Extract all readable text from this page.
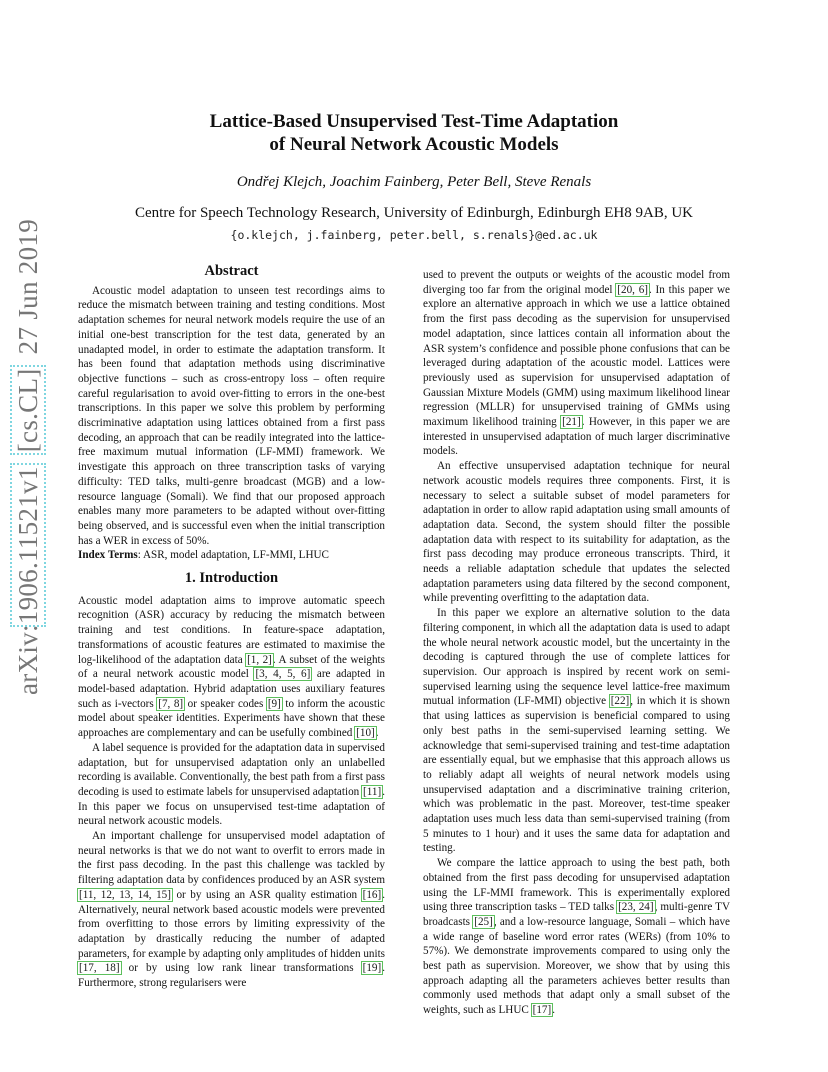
arXiv:1906.11521v1  [cs.CL]  27 Jun 2019
Lattice-Based Unsupervised Test-Time Adaptation
of Neural Network Acoustic Models
Ondřej Klejch, Joachim Fainberg, Peter Bell, Steve Renals
Centre for Speech Technology Research, University of Edinburgh, Edinburgh EH8 9AB, UK
{o.klejch, j.fainberg, peter.bell, s.renals}@ed.ac.uk
Abstract

Acoustic model adaptation to unseen test recordings aims to reduce the mismatch between training and testing conditions. Most adaptation schemes for neural network models require the use of an initial one-best transcription for the test data, generated by an unadapted model, in order to estimate the adaptation transform. It has been found that adaptation methods using discriminative objective functions – such as cross-entropy loss – often require careful regularisation to avoid over-fitting to errors in the one-best transcriptions. In this paper we solve this problem by performing discriminative adaptation using lattices obtained from a first pass decoding, an approach that can be readily integrated into the lattice-free maximum mutual information (LF-MMI) framework. We investigate this approach on three transcription tasks of varying difficulty: TED talks, multi-genre broadcast (MGB) and a low-resource language (Somali). We find that our proposed approach enables many more parameters to be adapted without over-fitting being observed, and is successful even when the initial transcription has a WER in excess of 50%.

Index Terms: ASR, model adaptation, LF-MMI, LHUC

1. Introduction

Acoustic model adaptation aims to improve automatic speech recognition (ASR) accuracy by reducing the mismatch between training and test conditions. In feature-space adaptation, transformations of acoustic features are estimated to maximise the log-likelihood of the adaptation data [1, 2]. A subset of the weights of a neural network acoustic model [3, 4, 5, 6] are adapted in model-based adaptation. Hybrid adaptation uses auxiliary features such as i-vectors [7, 8] or speaker codes [9] to inform the acoustic model about speaker identities. Experiments have shown that these approaches are complementary and can be usefully combined [10].

A label sequence is provided for the adaptation data in supervised adaptation, but for unsupervised adaptation only an unlabelled recording is available. Conventionally, the best path from a first pass decoding is used to estimate labels for unsupervised adaptation [11]. In this paper we focus on unsupervised test-time adaptation of neural network acoustic models.

An important challenge for unsupervised model adaptation of neural networks is that we do not want to overfit to errors made in the first pass decoding. In the past this challenge was tackled by filtering adaptation data by confidences produced by an ASR system [11, 12, 13, 14, 15] or by using an ASR quality estimation [16]. Alternatively, neural network based acoustic models were prevented from overfitting to those errors by limiting expressivity of the adaptation by drastically reducing the number of adapted parameters, for example by adapting only amplitudes of hidden units [17, 18] or by using low rank linear transformations [19]. Furthermore, strong regularisers were

used to prevent the outputs or weights of the acoustic model from diverging too far from the original model [20, 6]. In this paper we explore an alternative approach in which we use a lattice obtained from the first pass decoding as the supervision for unsupervised model adaptation, since lattices contain all information about the ASR system’s confidence and possible phone confusions that can be leveraged during adaptation of the acoustic model. Lattices were previously used as supervision for unsupervised adaptation of Gaussian Mixture Models (GMM) using maximum likelihood linear regression (MLLR) for unsupervised training of GMMs using maximum likelihood training [21]. However, in this paper we are interested in unsupervised adaptation of much larger discriminative models.

An effective unsupervised adaptation technique for neural network acoustic models requires three components. First, it is necessary to select a suitable subset of model parameters for adaptation in order to allow rapid adaptation using small amounts of adaptation data. Second, the system should filter the possible adaptation data with respect to its suitability for adaptation, as the first pass decoding may produce erroneous transcripts. Third, it needs a reliable adaptation schedule that updates the selected adaptation parameters using data filtered by the second component, while preventing overfitting to the adaptation data.

In this paper we explore an alternative solution to the data filtering component, in which all the adaptation data is used to adapt the whole neural network acoustic model, but the uncertainty in the decoding is captured through the use of complete lattices for supervision. Our approach is inspired by recent work on semi-supervised learning using the sequence level lattice-free maximum mutual information (LF-MMI) objective [22], in which it is shown that using lattices as supervision is beneficial compared to using only best paths in the semi-supervised learning setting. We acknowledge that semi-supervised training and test-time adaptation are essentially equal, but we emphasise that this approach allows us to reliably adapt all weights of neural network models using unsupervised adaptation and a discriminative training criterion, which was problematic in the past. Moreover, test-time speaker adaptation uses much less data than semi-supervised training (from 5 minutes to 1 hour) and it uses the same data for adaptation and testing.

We compare the lattice approach to using the best path, both obtained from the first pass decoding for unsupervised adaptation using the LF-MMI framework. This is experimentally explored using three transcription tasks – TED talks [23, 24], multi-genre TV broadcasts [25], and a low-resource language, Somali – which have a wide range of baseline word error rates (WERs) (from 10% to 57%). We demonstrate improvements compared to using only the best path as supervision. Moreover, we show that by using this approach adapting all the parameters achieves better results than commonly used methods that adapt only a small subset of the weights, such as LHUC [17].
